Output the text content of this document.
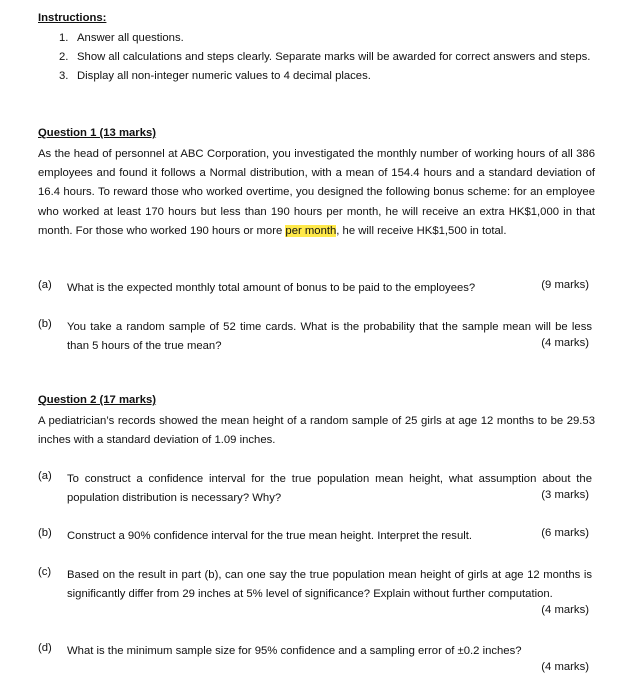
Instructions:
1. Answer all questions.
2. Show all calculations and steps clearly. Separate marks will be awarded for correct answers and steps.
3. Display all non-integer numeric values to 4 decimal places.
Question 1 (13 marks)
As the head of personnel at ABC Corporation, you investigated the monthly number of working hours of all 386 employees and found it follows a Normal distribution, with a mean of 154.4 hours and a standard deviation of 16.4 hours. To reward those who worked overtime, you designed the following bonus scheme: for an employee who worked at least 170 hours but less than 190 hours per month, he will receive an extra HK$1,000 in that month. For those who worked 190 hours or more per month, he will receive HK$1,500 in total.
(a)	What is the expected monthly total amount of bonus to be paid to the employees?	(9 marks)
(b)	You take a random sample of 52 time cards. What is the probability that the sample mean will be less than 5 hours of the true mean?	(4 marks)
Question 2 (17 marks)
A pediatrician’s records showed the mean height of a random sample of 25 girls at age 12 months to be 29.53 inches with a standard deviation of 1.09 inches.
(a)	To construct a confidence interval for the true population mean height, what assumption about the population distribution is necessary? Why?	(3 marks)
(b)	Construct a 90% confidence interval for the true mean height. Interpret the result.	(6 marks)
(c)	Based on the result in part (b), can one say the true population mean height of girls at age 12 months is significantly differ from 29 inches at 5% level of significance? Explain without further computation.
(4 marks)
(d)	What is the minimum sample size for 95% confidence and a sampling error of ±0.2 inches?
(4 marks)
